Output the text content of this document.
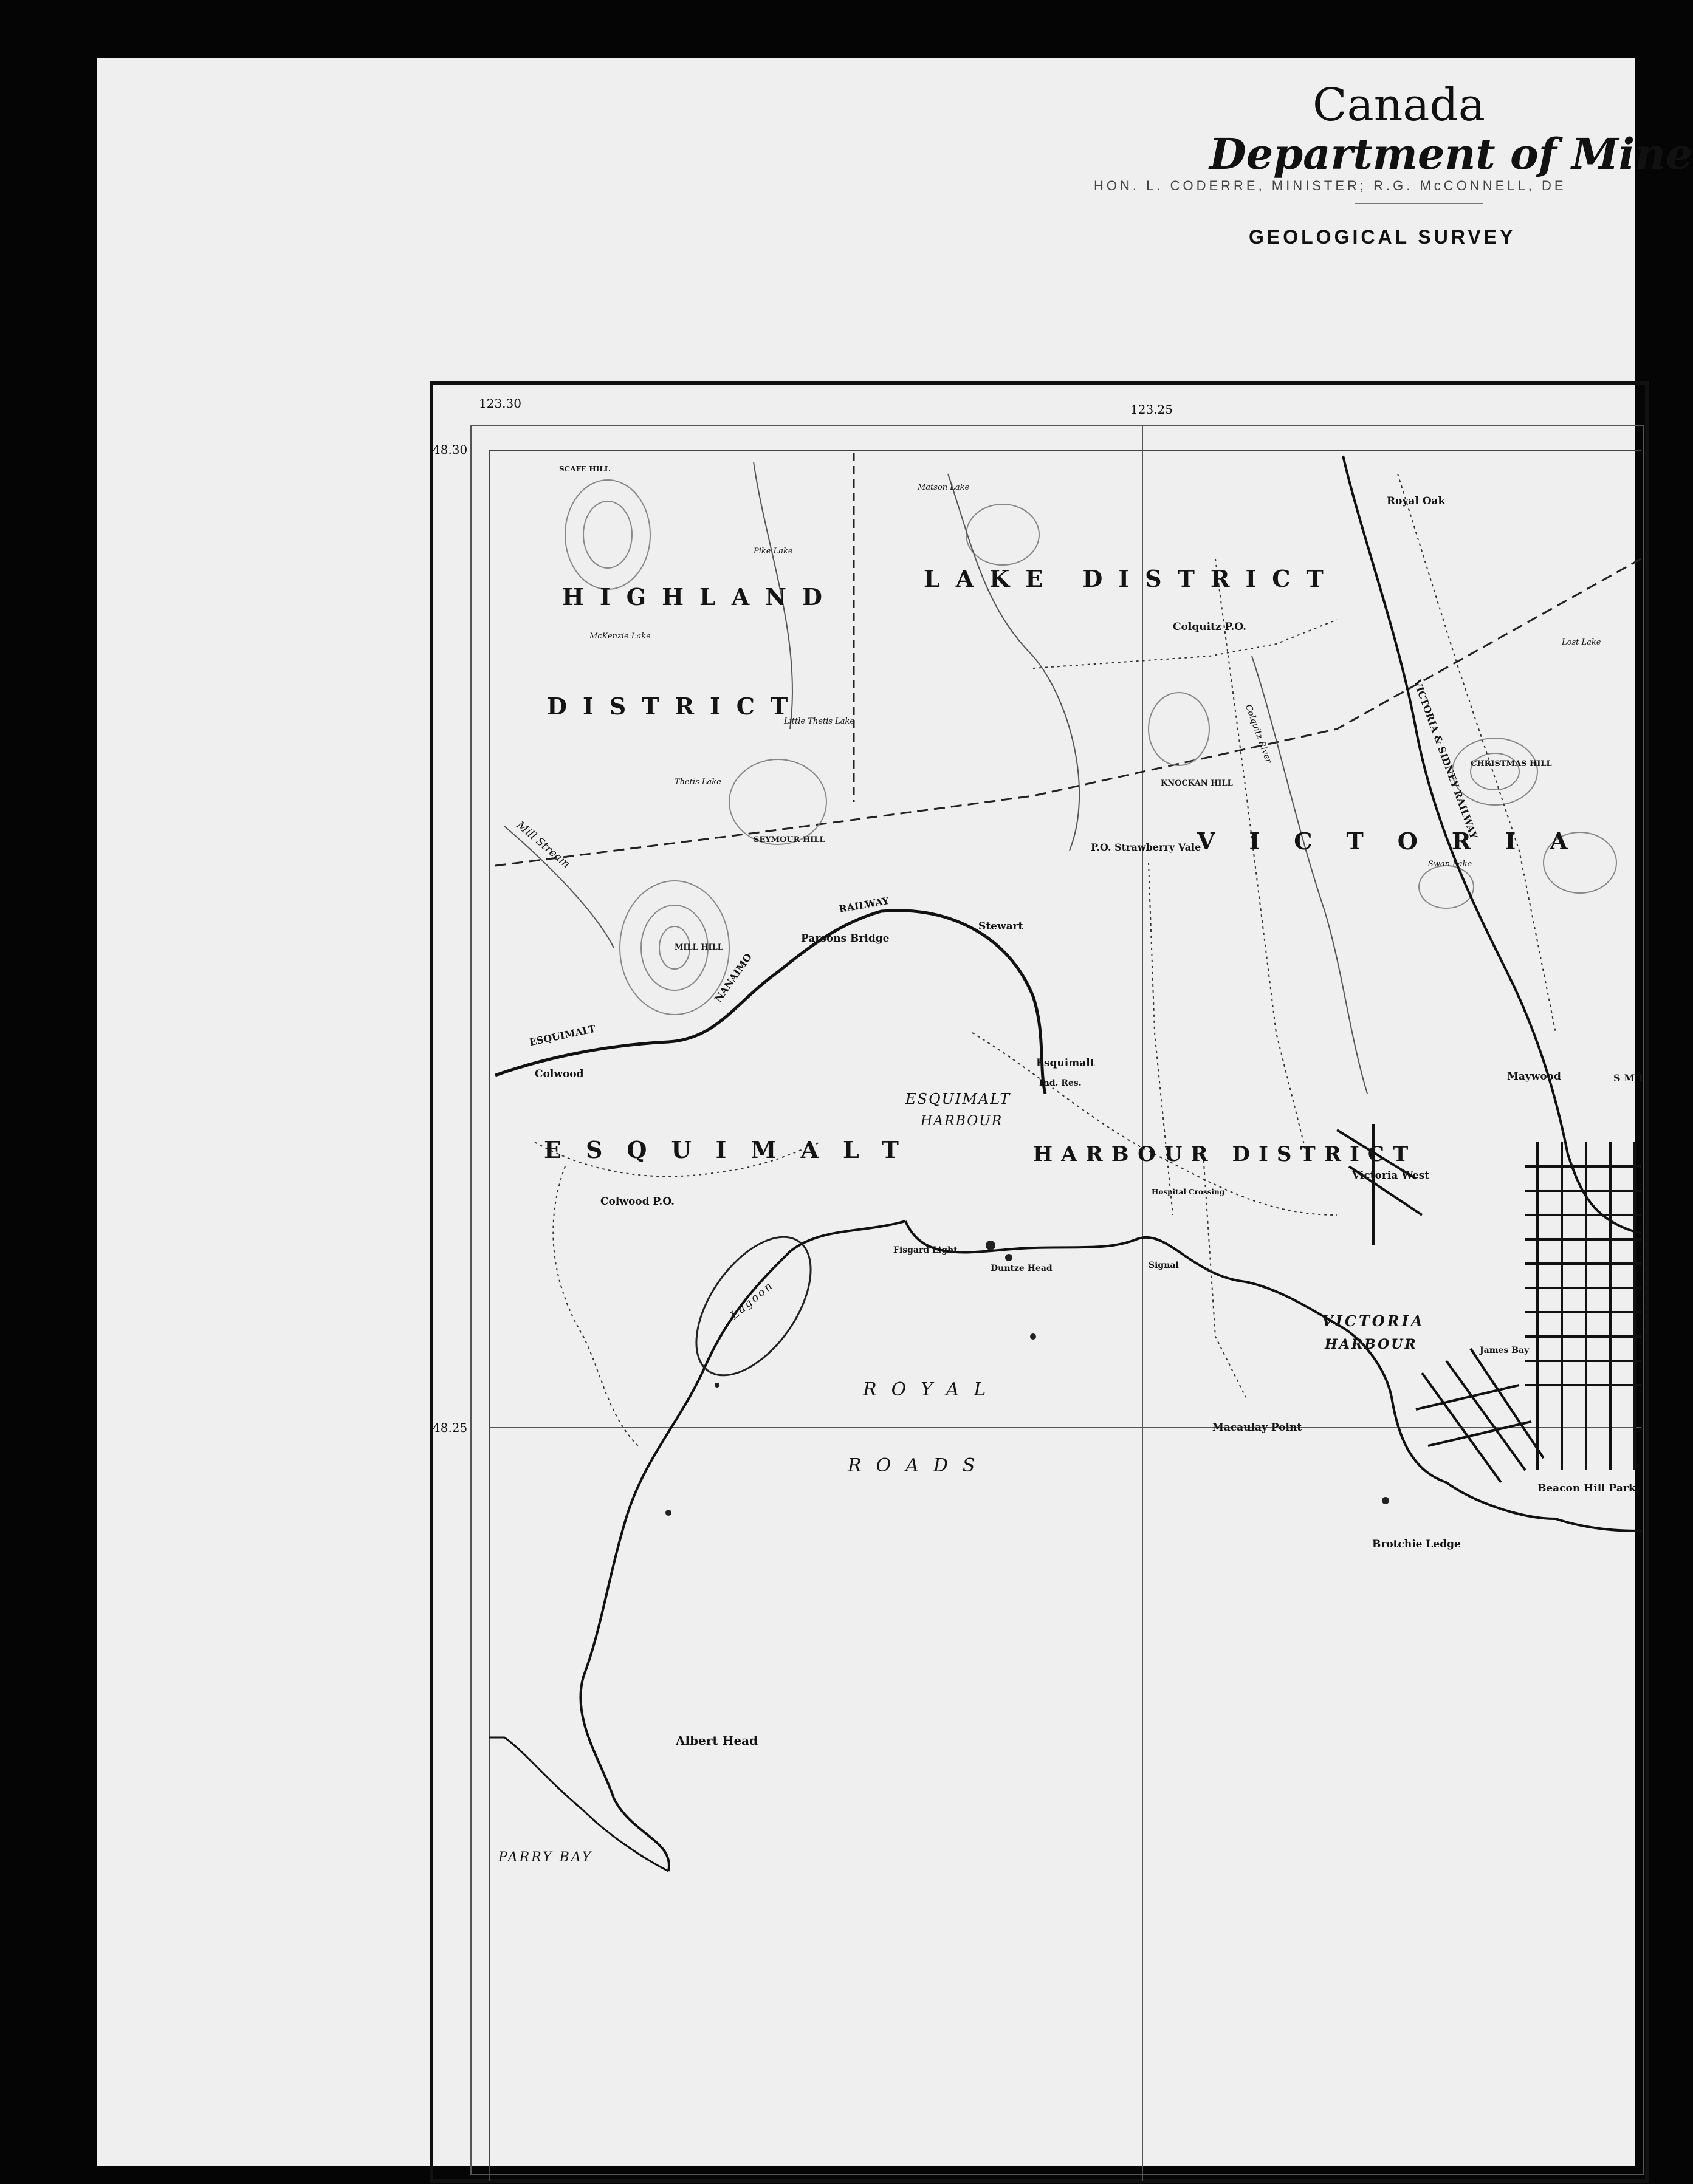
Canada
Department of Mine
HON. L. CODERRE, MINISTER; R.G. McCONNELL, DE
GEOLOGICAL SURVEY
123.30	123.25
48.30
48.25
HIGHLAND
DISTRICT
LAKE DISTRICT
VICTORIA
ESQUIMALT	HARBOUR DISTRICT
ROYAL
ROADS
PARRY BAY
ESQUIMALT
HARBOUR
VICTORIA
HARBOUR
Lagoon
Royal Oak
Colquitz P.O.
Stewart
Parsons Bridge
Colwood
Colwood P.O.
Esquimalt
Albert Head
Macaulay Point
Brotchie Ledge
Beacon Hill Park
Maywood
Victoria West
Swan Lake
Lost Lake
MILL HILL
SEYMOUR HILL
CHRISTMAS HILL
KNOCKAN HILL
SCAFE HILL
McKenzie Lake
Thetis Lake
Little Thetis Lake
Matson Lake
Pike Lake
Mill Stream
ESQUIMALT
NANAIMO
RAILWAY
VICTORIA & SIDNEY RAILWAY
Colquitz River
Ind. Res.
Fisgard Light
Duntze Head	Signal
James Bay
Hospital Crossing
P.O. Strawberry Vale
SMI
